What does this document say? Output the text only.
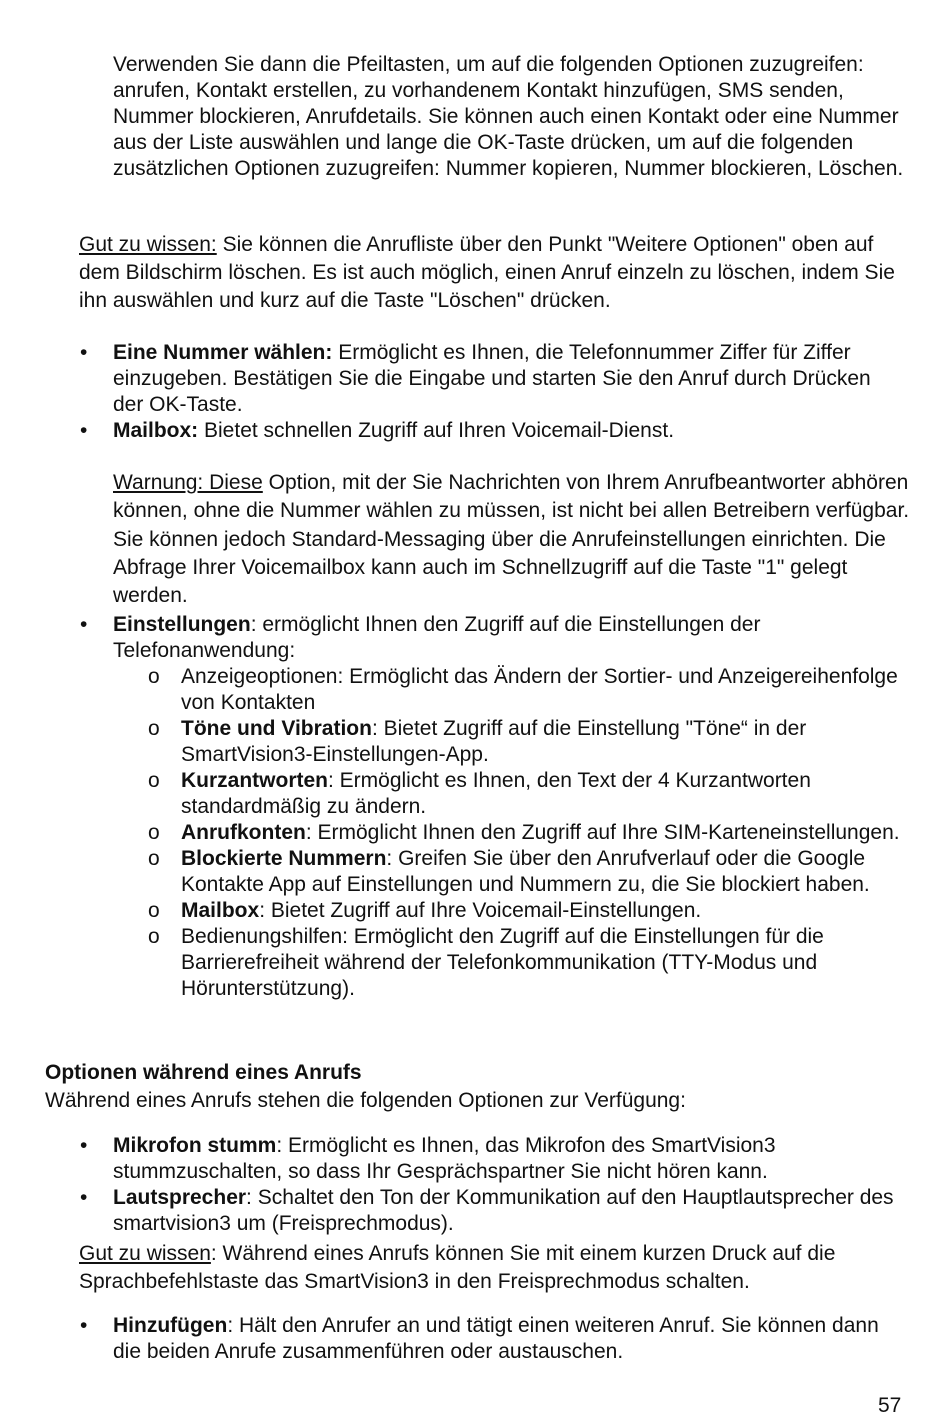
Verwenden Sie dann die Pfeiltasten, um auf die folgenden Optionen zuzugreifen: anrufen, Kontakt erstellen, zu vorhandenem Kontakt hinzufügen, SMS senden, Nummer blockieren, Anrufdetails. Sie können auch einen Kontakt oder eine Nummer aus der Liste auswählen und lange die OK-Taste drücken, um auf die folgenden zusätzlichen Optionen zuzugreifen: Nummer kopieren, Nummer blockieren, Löschen.

Gut zu wissen: Sie können die Anrufliste über den Punkt "Weitere Optionen" oben auf dem Bildschirm löschen. Es ist auch möglich, einen Anruf einzeln zu löschen, indem Sie ihn auswählen und kurz auf die Taste "Löschen" drücken.

• Eine Nummer wählen: Ermöglicht es Ihnen, die Telefonnummer Ziffer für Ziffer einzugeben. Bestätigen Sie die Eingabe und starten Sie den Anruf durch Drücken der OK-Taste.
• Mailbox: Bietet schnellen Zugriff auf Ihren Voicemail-Dienst.

Warnung: Diese Option, mit der Sie Nachrichten von Ihrem Anrufbeantworter abhören können, ohne die Nummer wählen zu müssen, ist nicht bei allen Betreibern verfügbar. Sie können jedoch Standard-Messaging über die Anrufeinstellungen einrichten. Die Abfrage Ihrer Voicemailbox kann auch im Schnellzugriff auf die Taste "1" gelegt werden.

• Einstellungen: ermöglicht Ihnen den Zugriff auf die Einstellungen der Telefonanwendung:
o Anzeigeoptionen: Ermöglicht das Ändern der Sortier- und Anzeigereihenfolge von Kontakten
o Töne und Vibration: Bietet Zugriff auf die Einstellung "Töne“ in der SmartVision3-Einstellungen-App.
o Kurzantworten: Ermöglicht es Ihnen, den Text der 4 Kurzantworten standardmäßig zu ändern.
o Anrufkonten: Ermöglicht Ihnen den Zugriff auf Ihre SIM-Karteneinstellungen.
o Blockierte Nummern: Greifen Sie über den Anrufverlauf oder die Google Kontakte App auf Einstellungen und Nummern zu, die Sie blockiert haben.
o Mailbox: Bietet Zugriff auf Ihre Voicemail-Einstellungen.
o Bedienungshilfen: Ermöglicht den Zugriff auf die Einstellungen für die Barrierefreiheit während der Telefonkommunikation (TTY-Modus und Hörunterstützung).
Optionen während eines Anrufs
Während eines Anrufs stehen die folgenden Optionen zur Verfügung:
• Mikrofon stumm: Ermöglicht es Ihnen, das Mikrofon des SmartVision3 stummzuschalten, so dass Ihr Gesprächspartner Sie nicht hören kann.
• Lautsprecher: Schaltet den Ton der Kommunikation auf den Hauptlautsprecher des smartvision3 um (Freisprechmodus).

Gut zu wissen: Während eines Anrufs können Sie mit einem kurzen Druck auf die Sprachbefehlstaste das SmartVision3 in den Freisprechmodus schalten.

• Hinzufügen: Hält den Anrufer an und tätigt einen weiteren Anruf. Sie können dann die beiden Anrufe zusammenführen oder austauschen.
57
